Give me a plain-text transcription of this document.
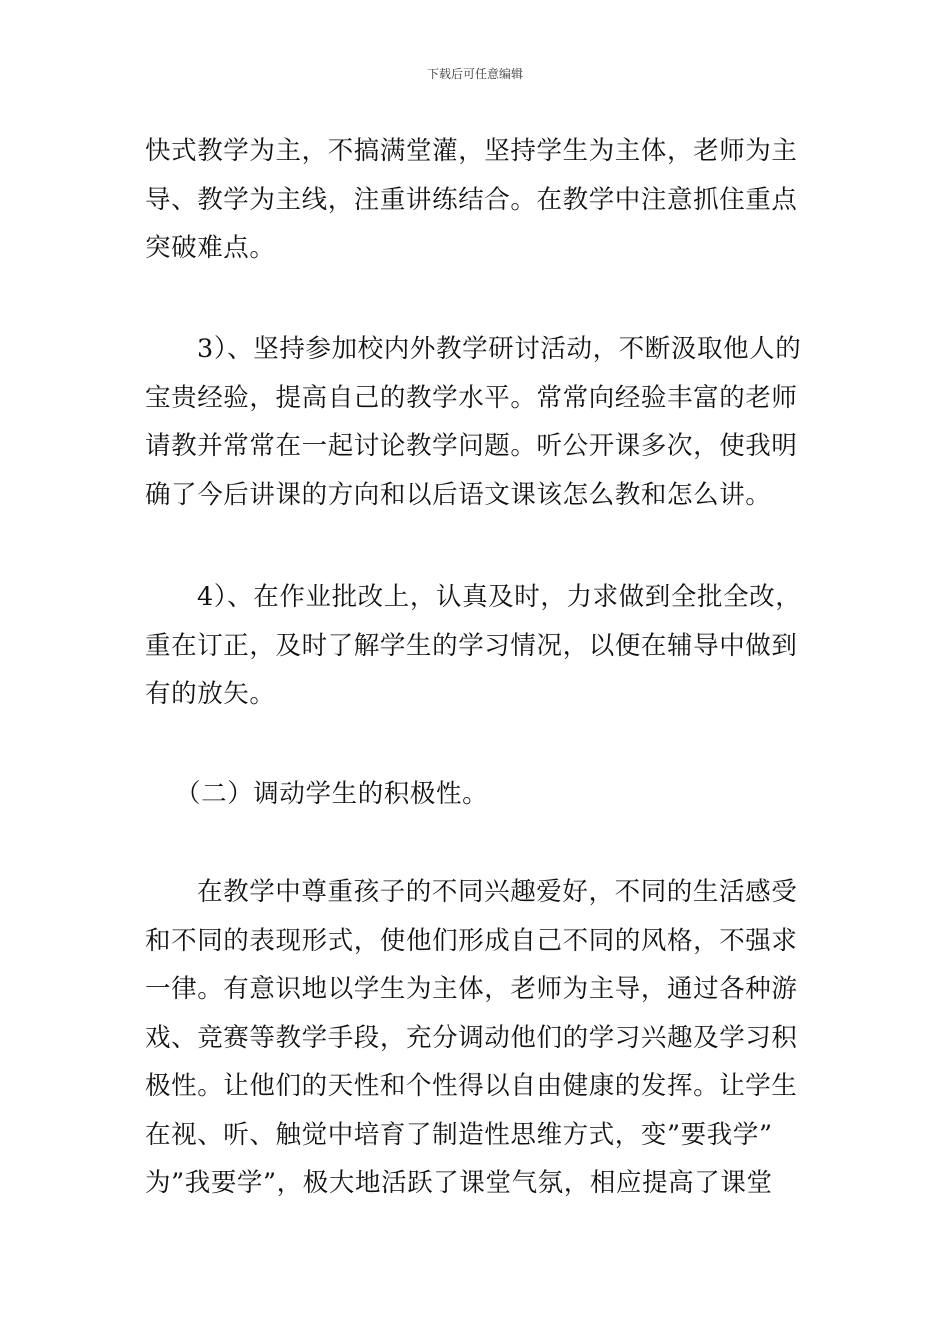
下载后可任意编辑

快式教学为主，不搞满堂灌，坚持学生为主体，老师为主
导、教学为主线，注重讲练结合。在教学中注意抓住重点
突破难点。

3）、坚持参加校内外教学研讨活动，不断汲取他人的
宝贵经验，提高自己的教学水平。常常向经验丰富的老师
请教并常常在一起讨论教学问题。听公开课多次，使我明
确了今后讲课的方向和以后语文课该怎么教和怎么讲。

4）、在作业批改上，认真及时，力求做到全批全改，
重在订正，及时了解学生的学习情况，以便在辅导中做到
有的放矢。

（二）调动学生的积极性。

在教学中尊重孩子的不同兴趣爱好，不同的生活感受
和不同的表现形式，使他们形成自己不同的风格，不强求
一律。有意识地以学生为主体，老师为主导，通过各种游
戏、竞赛等教学手段，充分调动他们的学习兴趣及学习积
极性。让他们的天性和个性得以自由健康的发挥。让学生
在视、听、触觉中培育了制造性思维方式，变”要我学”
为”我要学”，极大地活跃了课堂气氛，相应提高了课堂
